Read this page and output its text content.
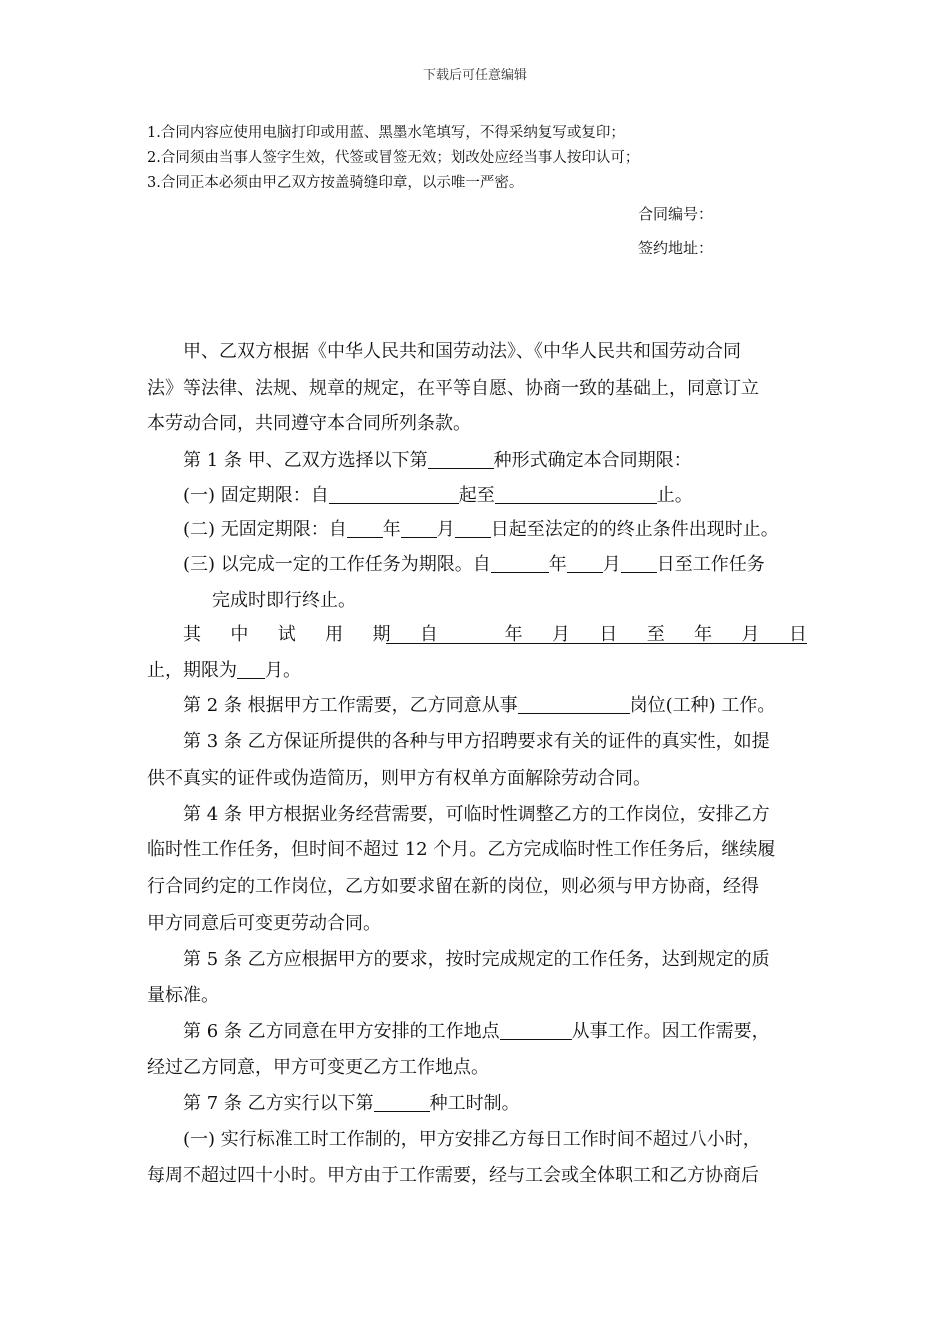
下载后可任意编辑
1.合同内容应使用电脑打印或用蓝、黑墨水笔填写，不得采纳复写或复印；
2.合同须由当事人签字生效，代签或冒签无效；划改处应经当事人按印认可；
3.合同正本必须由甲乙双方按盖骑缝印章，以示唯一严密。
合同编号：
签约地址：
甲、乙双方根据《中华人民共和国劳动法》、《中华人民共和国劳动合同
法》等法律、法规、规章的规定，在平等自愿、协商一致的基础上，同意订立
本劳动合同，共同遵守本合同所列条款。
第 1 条 甲、乙双方选择以下第	种形式确定本合同期限：
(一) 固定期限：自	起至	止。
(二) 无固定期限：自 年 月 日起至法定的的终止条件出现时止。
(三) 以完成一定的工作任务为期限。自	年 月 日至工作任务
完成时即行终止。
其 中 试 用 期 自	年 月 日 至 年 月 日
止，期限为 月。
第 2 条 根据甲方工作需要，乙方同意从事	岗位(工种) 工作。
第 3 条 乙方保证所提供的各种与甲方招聘要求有关的证件的真实性，如提
供不真实的证件或伪造简历，则甲方有权单方面解除劳动合同。
第 4 条 甲方根据业务经营需要，可临时性调整乙方的工作岗位，安排乙方
临时性工作任务，但时间不超过 12 个月。乙方完成临时性工作任务后，继续履
行合同约定的工作岗位，乙方如要求留在新的岗位，则必须与甲方协商，经得
甲方同意后可变更劳动合同。
第 5 条 乙方应根据甲方的要求，按时完成规定的工作任务，达到规定的质
量标准。
第 6 条 乙方同意在甲方安排的工作地点	从事工作。因工作需要，
经过乙方同意，甲方可变更乙方工作地点。
第 7 条 乙方实行以下第	种工时制。
(一) 实行标准工时工作制的，甲方安排乙方每日工作时间不超过八小时，
每周不超过四十小时。甲方由于工作需要，经与工会或全体职工和乙方协商后
